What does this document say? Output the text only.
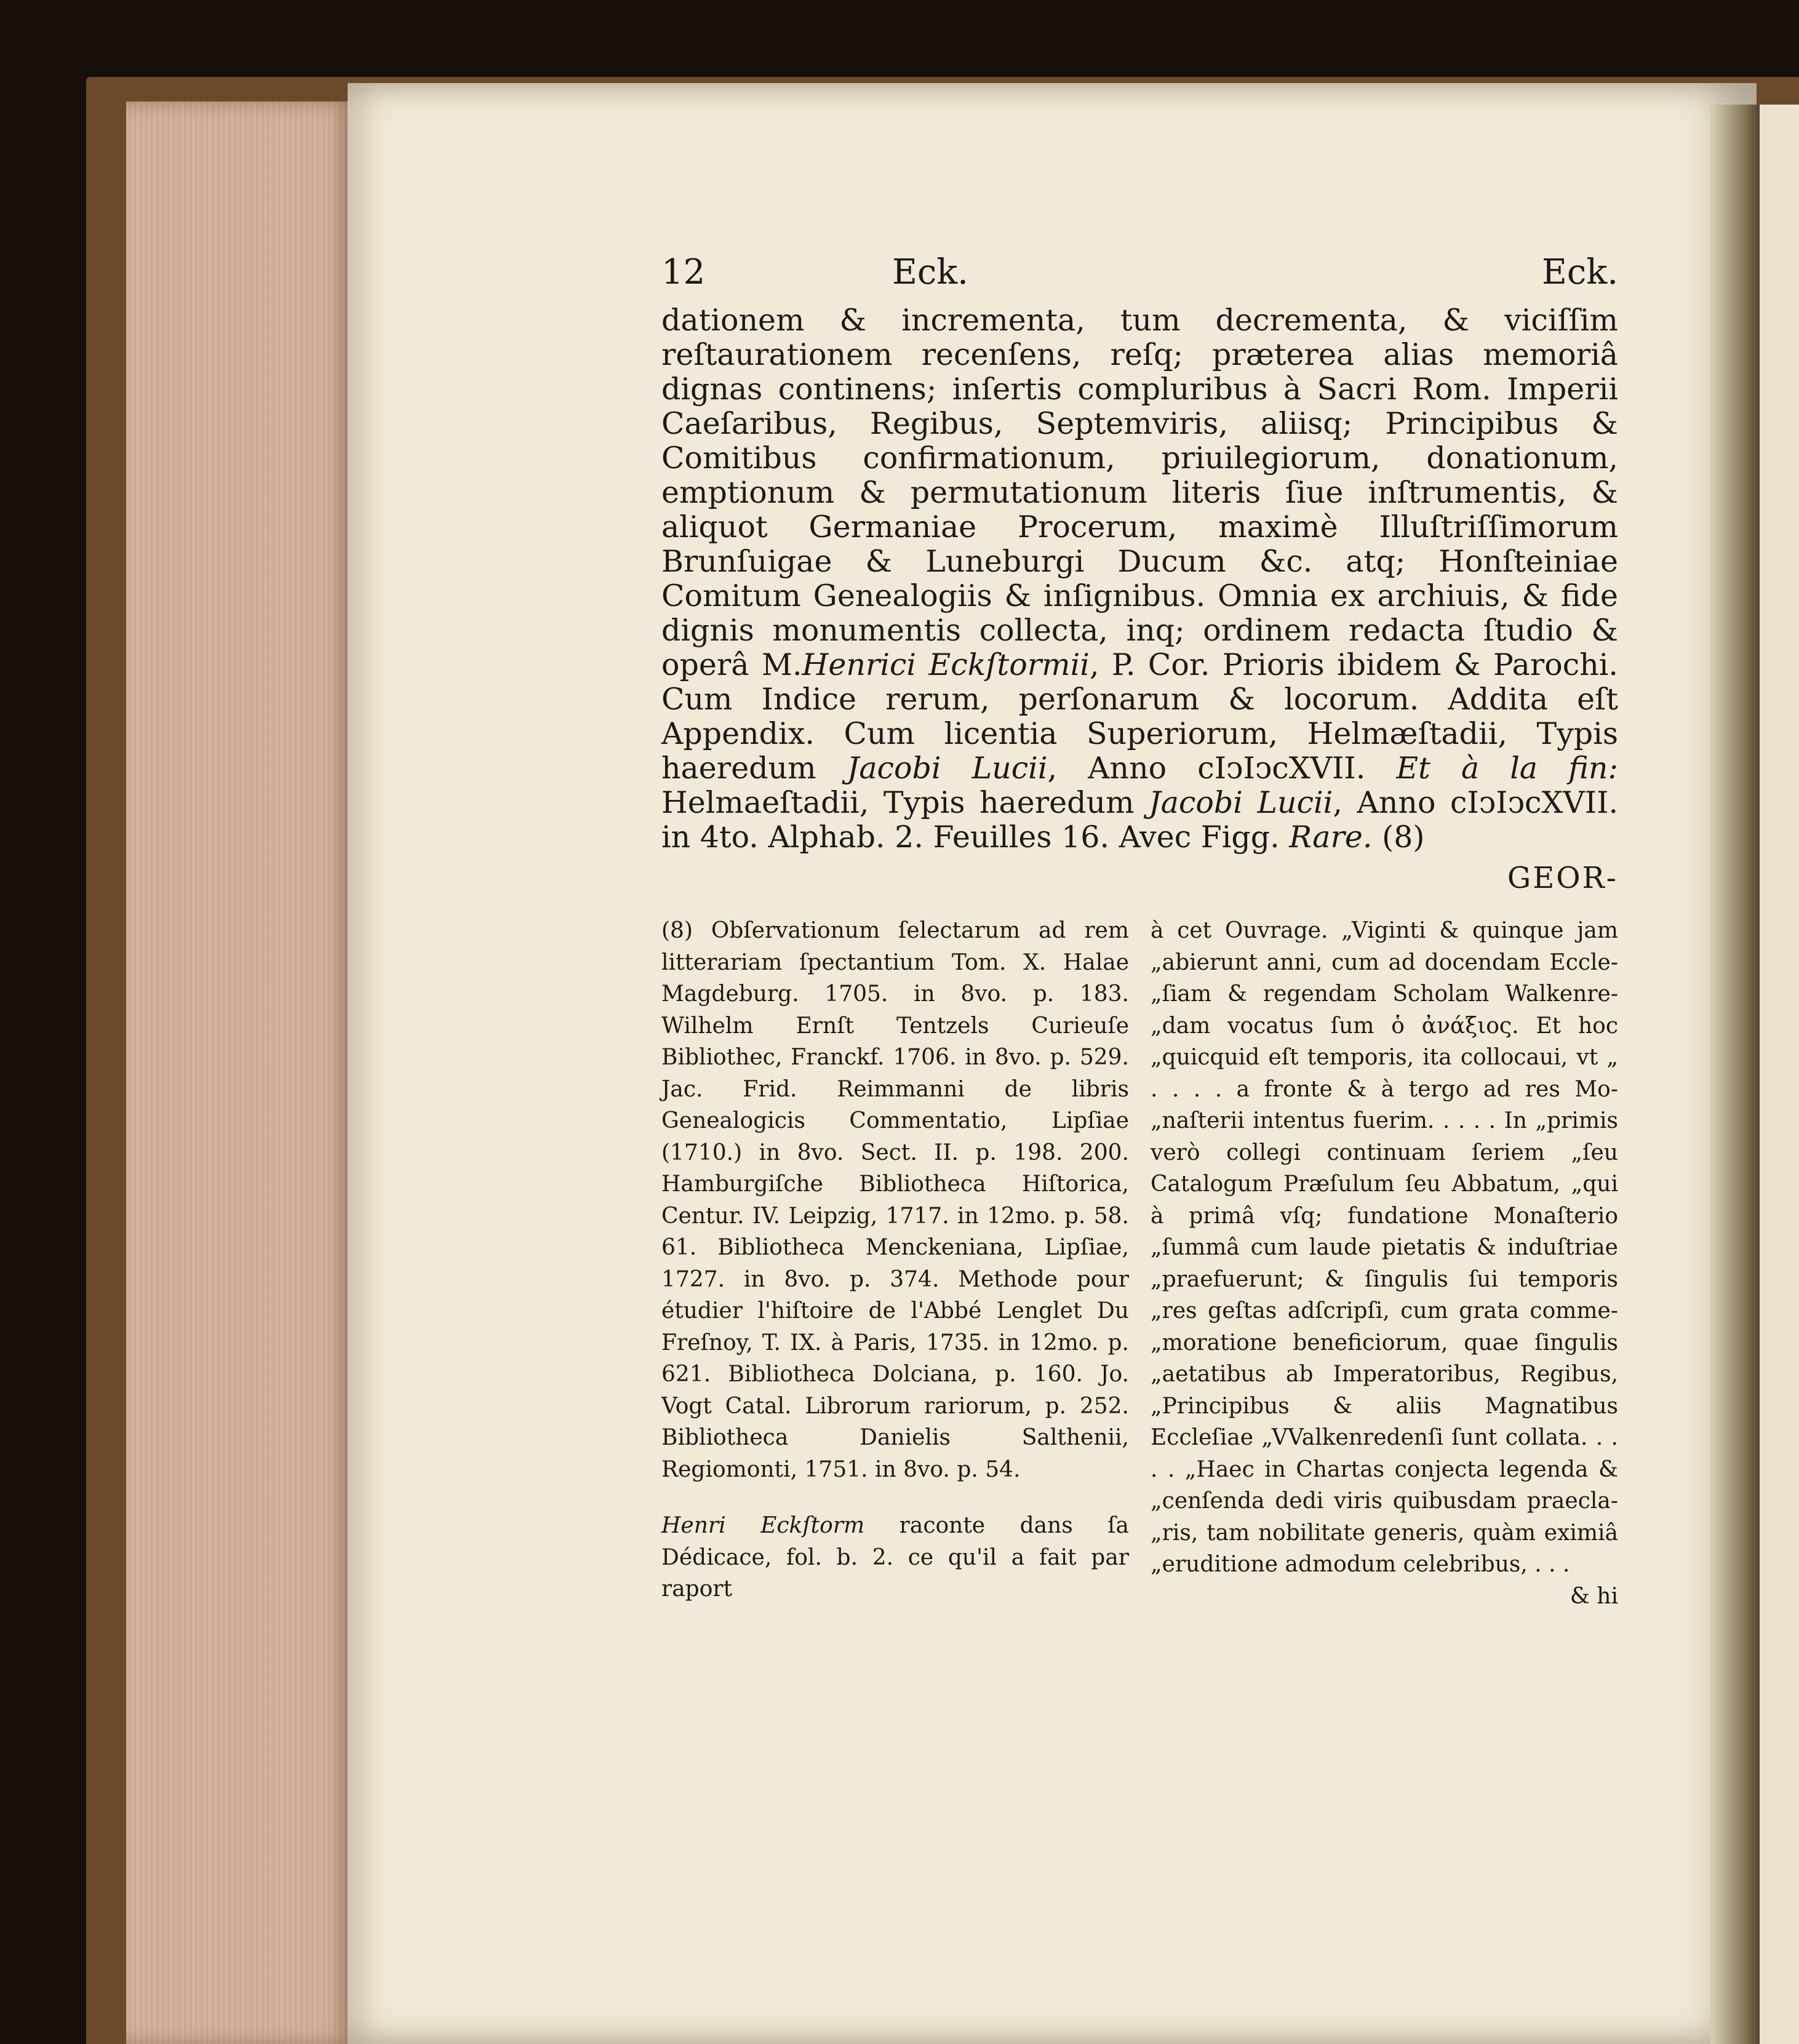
12	Eck.	Eck.

dationem & incrementa, tum decrementa, & viciſſim reſtaurationem recenſens, reſq; præterea alias memoriâ dignas continens; inſertis compluribus à Sacri Rom. Imperii Caeſaribus, Regibus, Septemviris, aliisq; Principibus & Comitibus confirmationum, priuilegiorum, donationum, emptionum & permutationum literis ſiue inſtrumentis, & aliquot Germaniae Procerum, maximè Illuſtriſſimorum Brunſuigae & Luneburgi Ducum &c. atq; Honſteiniae Comitum Genealogiis & inſignibus. Omnia ex archiuis, & fide dignis monumentis collecta, inq; ordinem redacta ſtudio & operâ M.Henrici Eckſtormii, P. Cor. Prioris ibidem & Parochi. Cum Indice rerum, perſonarum & locorum. Addita eſt Appendix. Cum licentia Superiorum, Helmæſtadii, Typis haeredum Jacobi Lucii, Anno cIↄIↄcXVII. Et à la fin: Helmaeſtadii, Typis haeredum Jacobi Lucii, Anno cIↄIↄcXVII. in 4to. Alphab. 2. Feuilles 16. Avec Figg. Rare. (8)

GEOR-

(8) Obſervationum ſelectarum ad rem litterariam ſpectantium Tom. X. Halae Magdeburg. 1705. in 8vo. p. 183. Wilhelm Ernſt Tentzels Curieuſe Bibliothec, Franckf. 1706. in 8vo. p. 529. Jac. Frid. Reimmanni de libris Genealogicis Commentatio, Lipſiae (1710.) in 8vo. Sect. II. p. 198. 200. Hamburgiſche Bibliotheca Hiſtorica, Centur. IV. Leipzig, 1717. in 12mo. p. 58. 61. Bibliotheca Menckeniana, Lipſiae, 1727. in 8vo. p. 374. Methode pour étudier l'hiſtoire de l'Abbé Lenglet Du Freſnoy, T. IX. à Paris, 1735. in 12mo. p. 621. Bibliotheca Dolciana, p. 160. Jo. Vogt Catal. Librorum rariorum, p. 252. Bibliotheca Danielis Salthenii, Regiomonti, 1751. in 8vo. p. 54.

Henri Eckſtorm raconte dans ſa Dédicace, fol. b. 2. ce qu'il a fait par raport

à cet Ouvrage. „Viginti & quinque jam „abierunt anni, cum ad docendam Eccle- „ſiam & regendam Scholam Walkenre- „dam vocatus ſum ὁ ἀνάξιος. Et hoc „quicquid eſt temporis, ita collocaui, vt „ . . . . a fronte & à tergo ad res Mo- „naſterii intentus fuerim. . . . . In „primis verò collegi continuam ſeriem „ſeu Catalogum Præſulum ſeu Abbatum, „qui à primâ vſq; fundatione Monaſterio „ſummâ cum laude pietatis & induſtriae „praefuerunt; & ſingulis ſui temporis „res geſtas adſcripſi, cum grata comme- „moratione beneficiorum, quae ſingulis „aetatibus ab Imperatoribus, Regibus, „Principibus & aliis Magnatibus Eccleſiae „VValkenredenſi ſunt collata. . . . . „Haec in Chartas conjecta legenda & „cenſenda dedi viris quibusdam praecla- „ris, tam nobilitate generis, quàm eximiâ „eruditione admodum celebribus, . . .

& hi
